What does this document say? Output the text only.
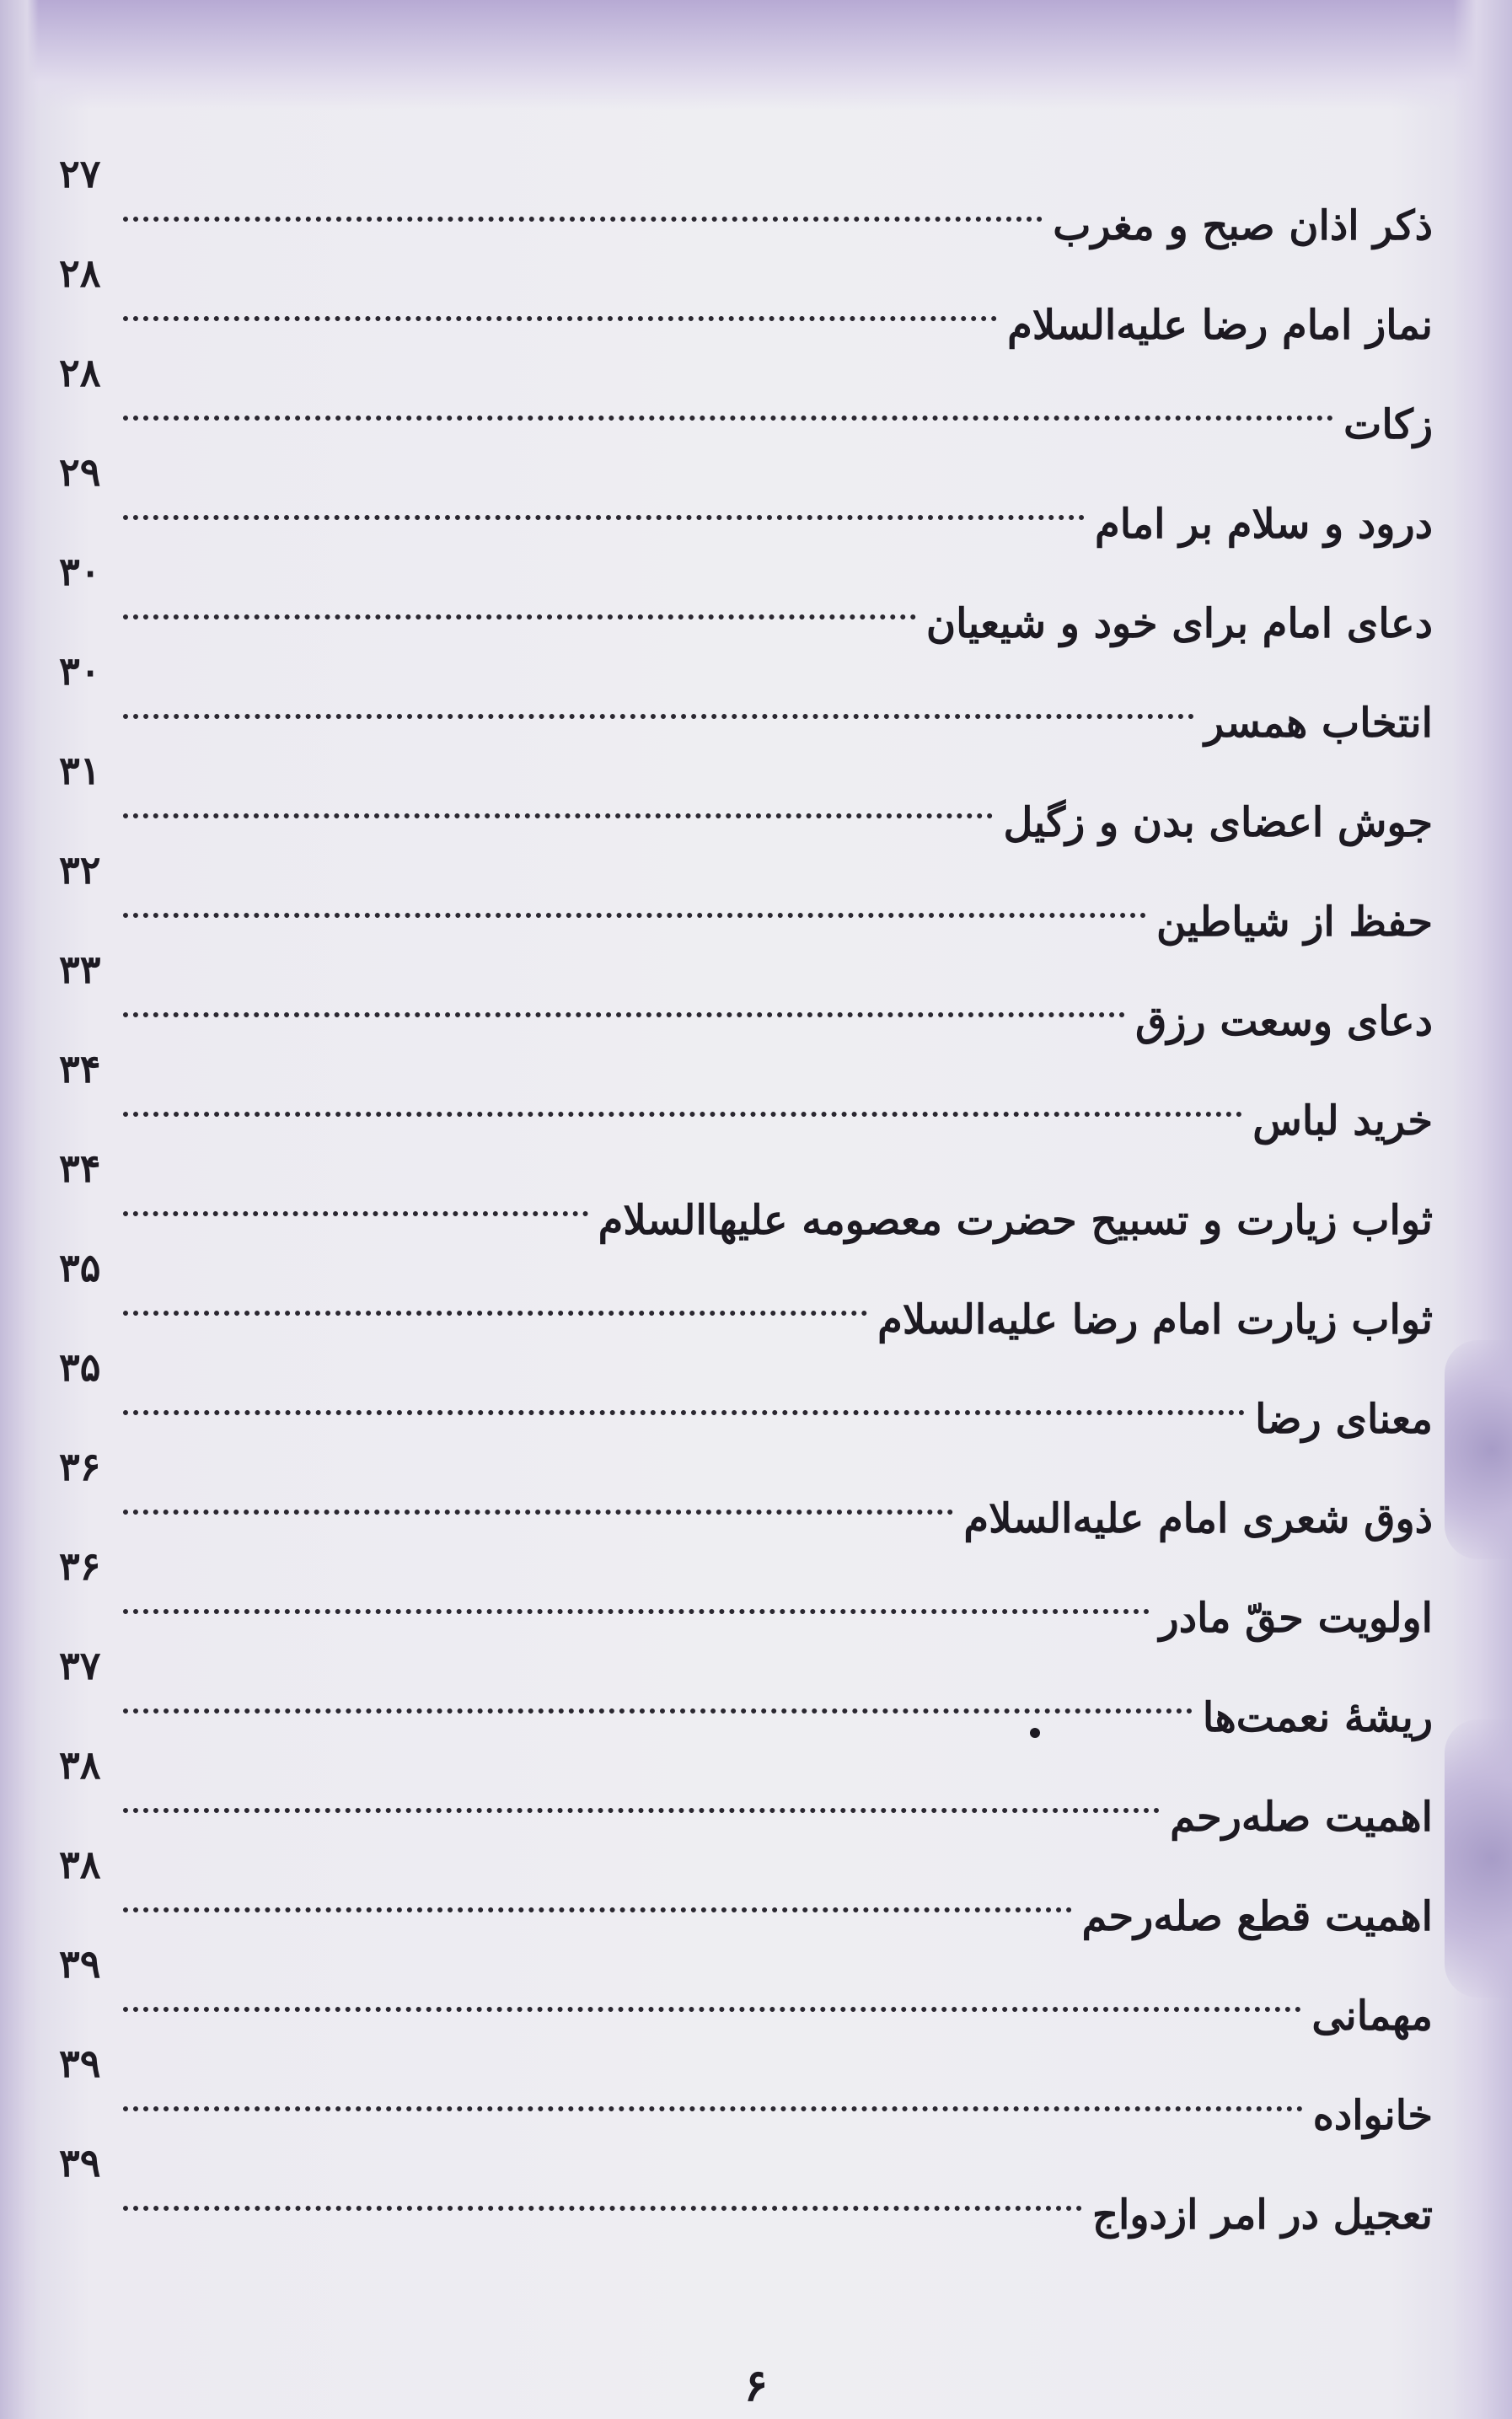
ذکر اذان صبح و مغرب
۲۷
نماز امام رضا علیه‌السلام
۲۸
زکات
۲۸
درود و سلام بر امام
۲۹
دعای امام برای خود و شیعیان
۳۰
انتخاب همسر
۳۰
جوش اعضای بدن و زگیل
۳۱
حفظ از شیاطین
۳۲
دعای وسعت رزق
۳۳
خرید لباس
۳۴
ثواب زیارت و تسبیح حضرت معصومه علیهاالسلام
۳۴
ثواب زیارت امام رضا علیه‌السلام
۳۵
معنای رضا
۳۵
ذوق شعری امام علیه‌السلام
۳۶
اولویت حقّ مادر
۳۶
ریشهٔ نعمت‌ها
۳۷
اهمیت صله‌رحم
۳۸
اهمیت قطع صله‌رحم
۳۸
مهمانی
۳۹
خانواده
۳۹
تعجیل در امر ازدواج
۳۹
۶
